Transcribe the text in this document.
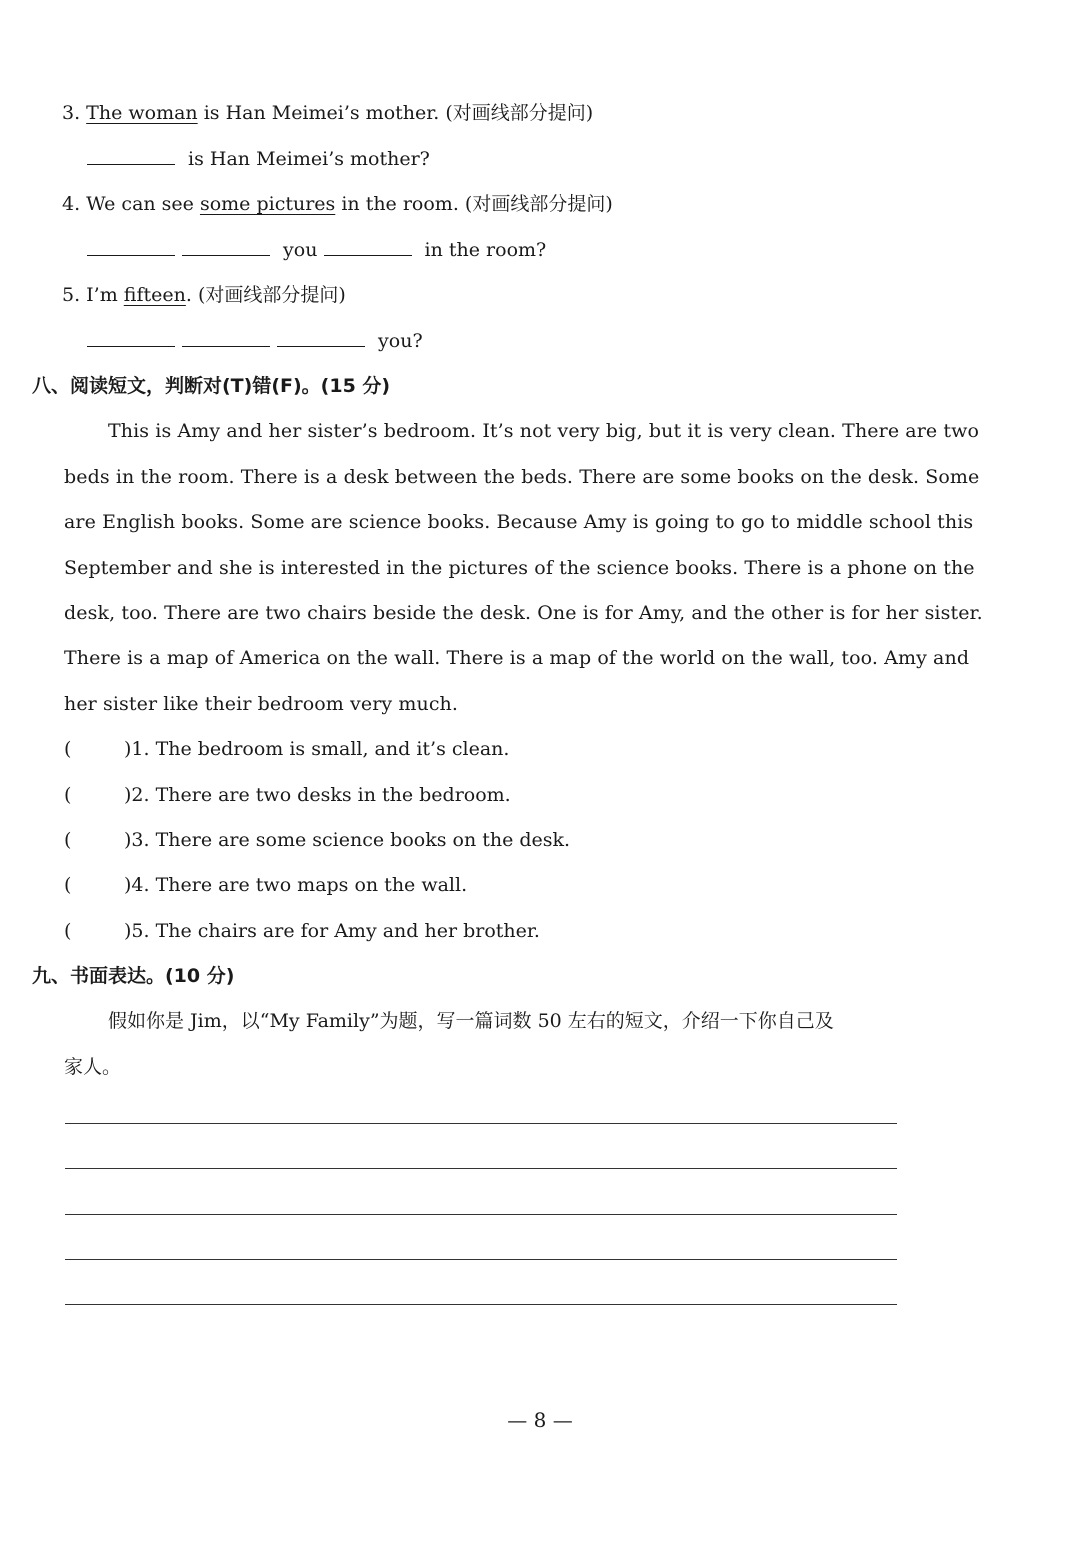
3. The woman is Han Meimei’s mother. (对画线部分提问)
is Han Meimei’s mother?
4. We can see some pictures in the room. (对画线部分提问)
you	in the room?
5. I’m fifteen. (对画线部分提问)
you?
八、阅读短文，判断对(T)错(F)。(15 分)
This is Amy and her sister’s bedroom. It’s not very big, but it is very clean. There are two
beds in the room. There is a desk between the beds. There are some books on the desk. Some
are English books. Some are science books. Because Amy is going to go to middle school this
September and she is interested in the pictures of the science books. There is a phone on the
desk, too. There are two chairs beside the desk. One is for Amy, and the other is for her sister.
There is a map of America on the wall. There is a map of the world on the wall, too. Amy and
her sister like their bedroom very much.
(	)1. The bedroom is small, and it’s clean.
(	)2. There are two desks in the bedroom.
(	)3. There are some science books on the desk.
(	)4. There are two maps on the wall.
(	)5. The chairs are for Amy and her brother.
九、书面表达。(10 分)
假如你是 Jim，以“My Family”为题，写一篇词数 50 左右的短文，介绍一下你自己及
家人。
— 8 —
